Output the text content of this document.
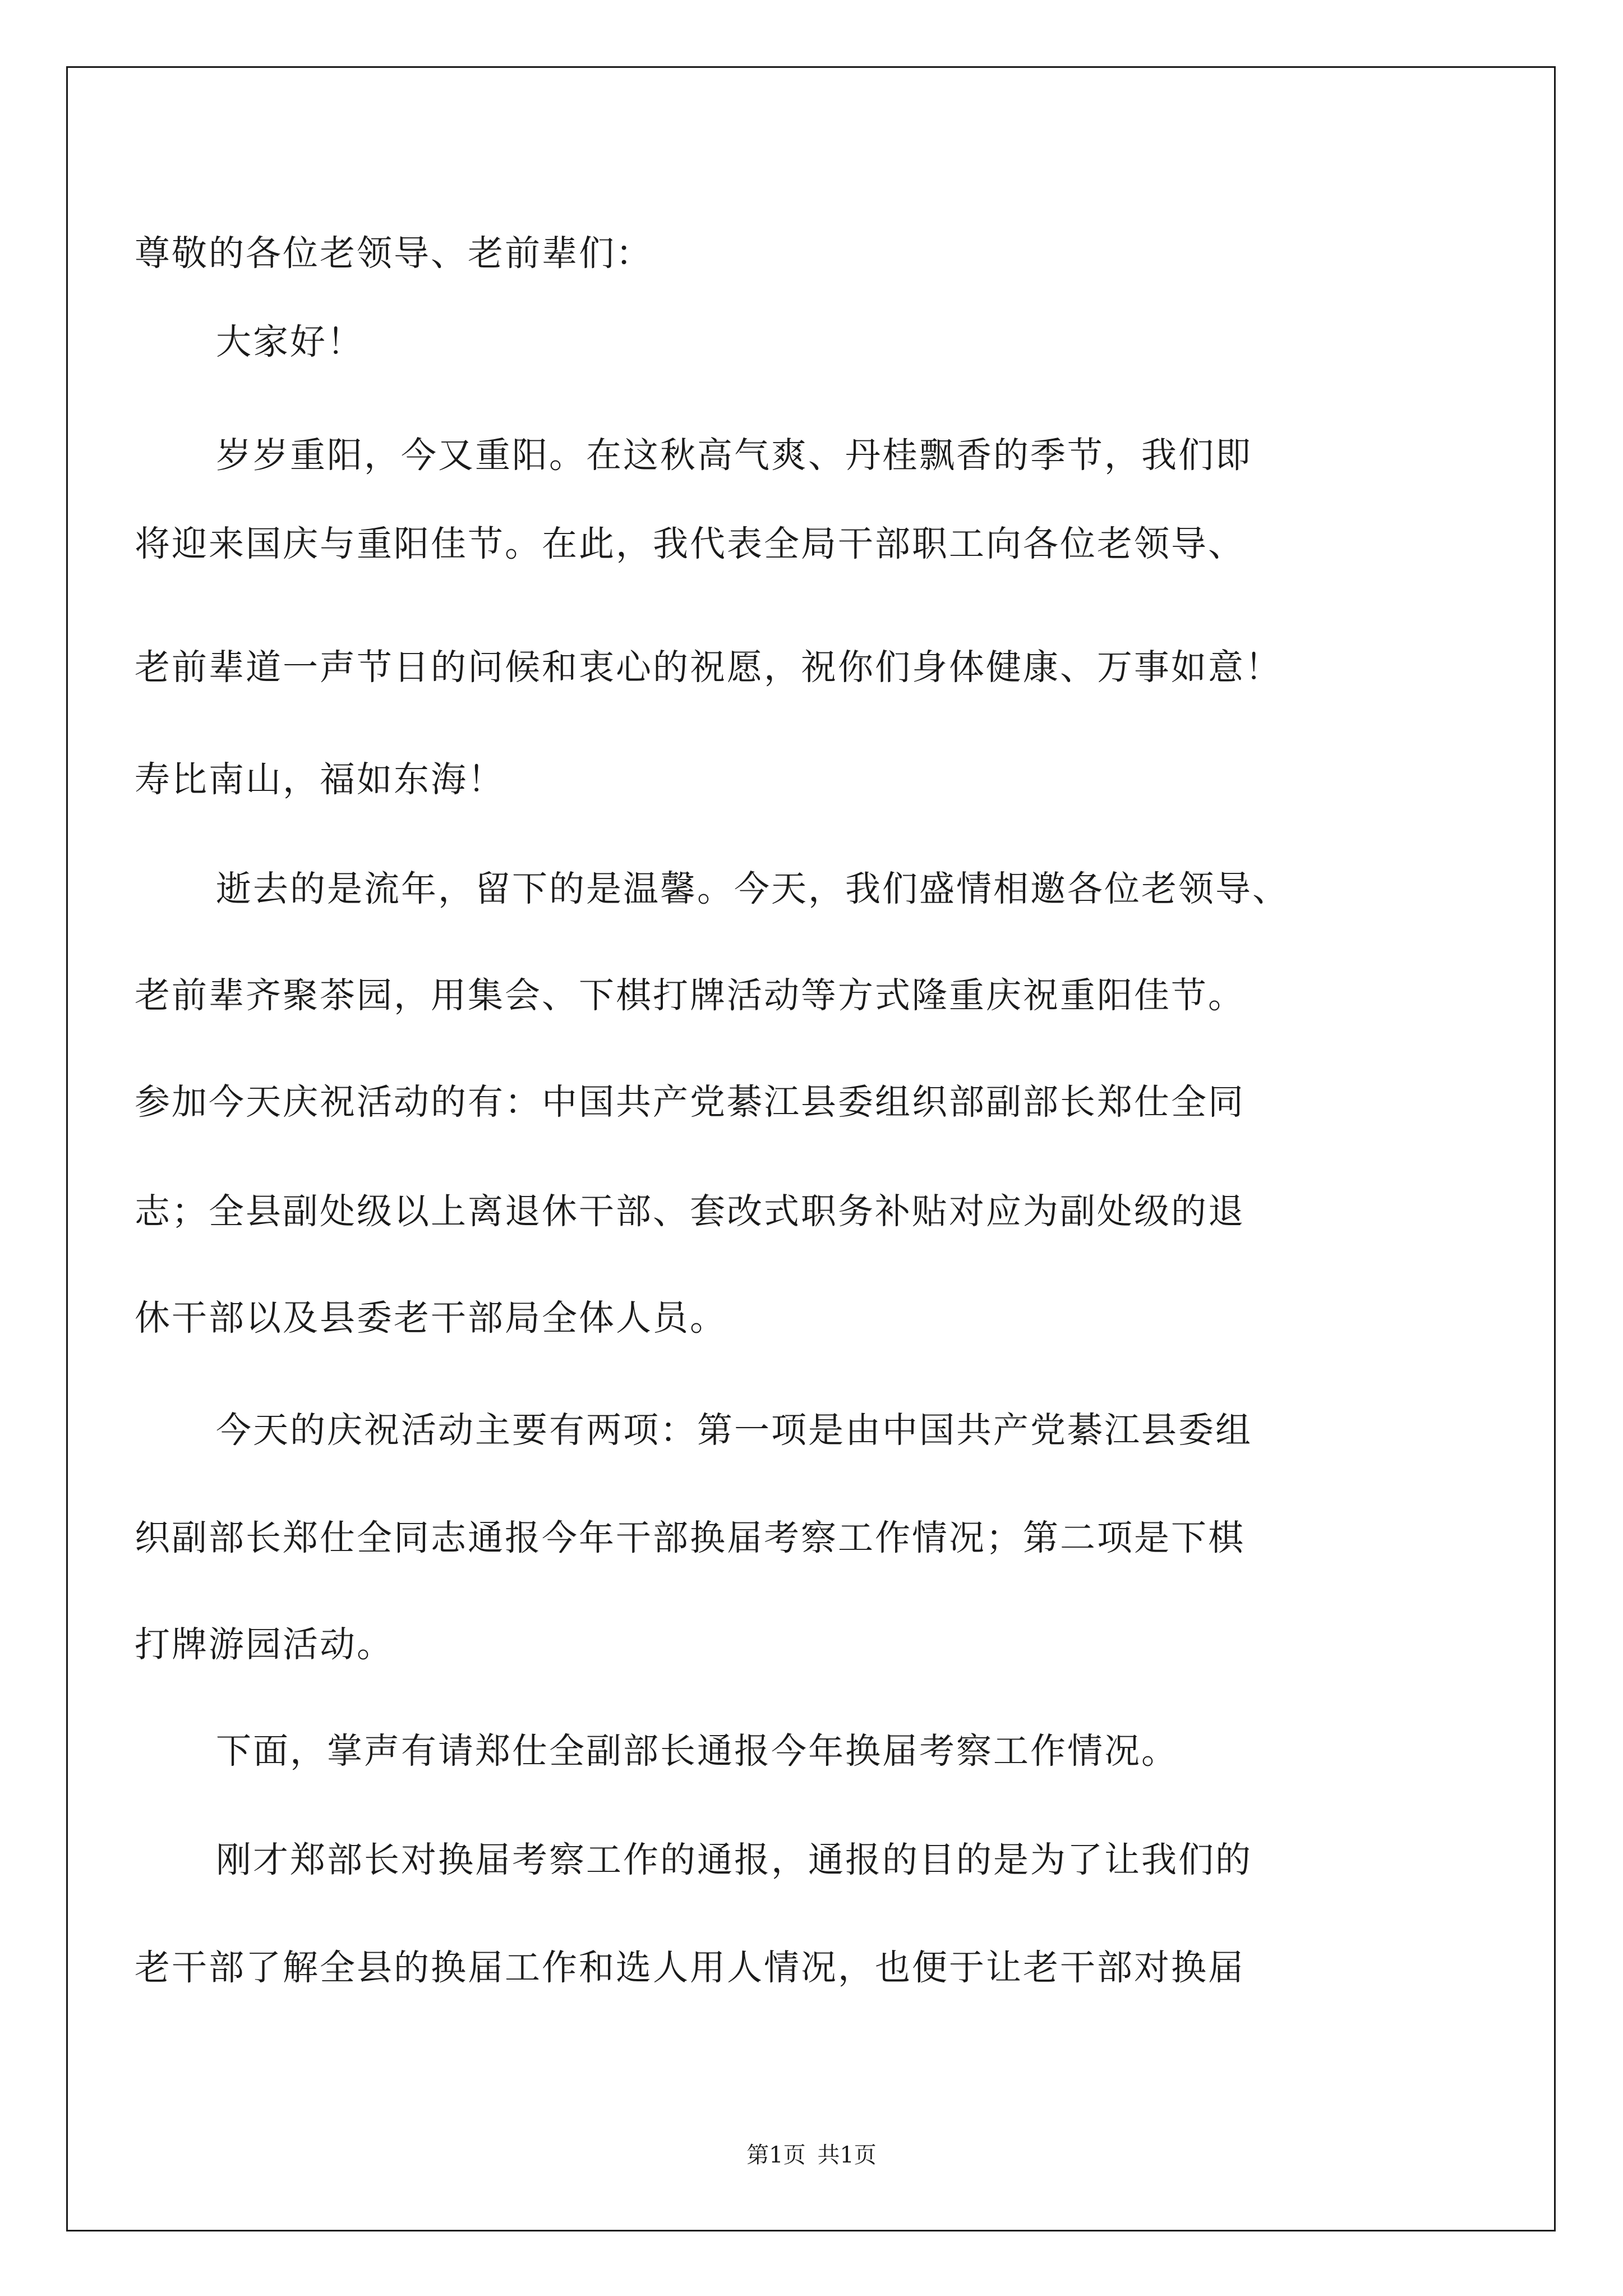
尊敬的各位老领导、老前辈们：
大家好！
岁岁重阳，今又重阳。在这秋高气爽、丹桂飘香的季节，我们即
将迎来国庆与重阳佳节。在此，我代表全局干部职工向各位老领导、
老前辈道一声节日的问候和衷心的祝愿，祝你们身体健康、万事如意！
寿比南山，福如东海！
逝去的是流年，留下的是温馨。今天，我们盛情相邀各位老领导、
老前辈齐聚茶园，用集会、下棋打牌活动等方式隆重庆祝重阳佳节。
参加今天庆祝活动的有：中国共产党綦江县委组织部副部长郑仕全同
志；全县副处级以上离退休干部、套改式职务补贴对应为副处级的退
休干部以及县委老干部局全体人员。
今天的庆祝活动主要有两项：第一项是由中国共产党綦江县委组
织副部长郑仕全同志通报今年干部换届考察工作情况；第二项是下棋
打牌游园活动。
下面，掌声有请郑仕全副部长通报今年换届考察工作情况。
刚才郑部长对换届考察工作的通报，通报的目的是为了让我们的
老干部了解全县的换届工作和选人用人情况，也便于让老干部对换届
第1页 共1页
